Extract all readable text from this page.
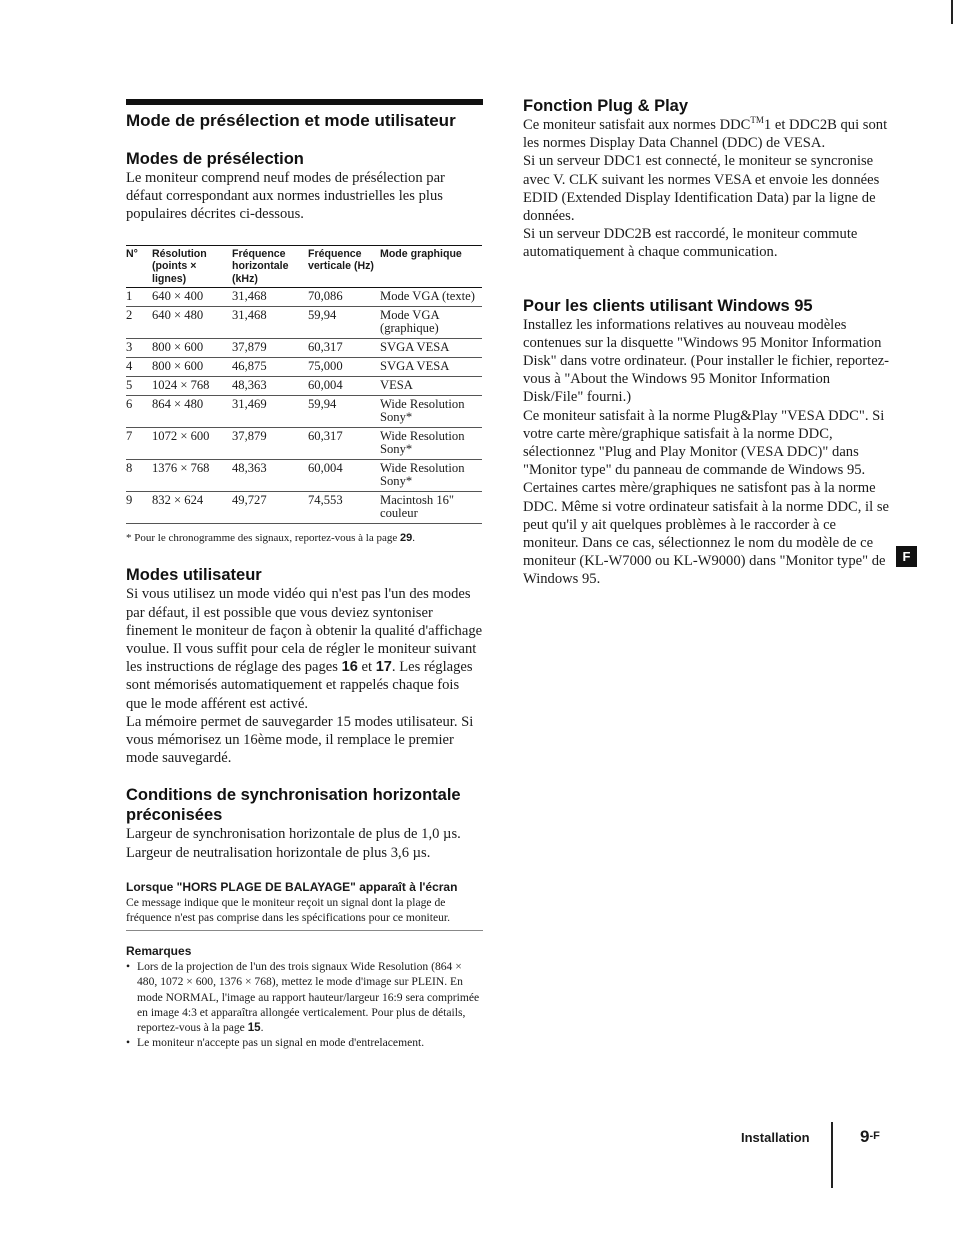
Mode de présélection et mode utilisateur
Modes de présélection

Le moniteur comprend neuf modes de présélection par défaut correspondant aux normes industrielles les plus populaires décrites ci-dessous.

N°	Résolution (points × lignes)	Fréquence horizontale (kHz)	Fréquence verticale (Hz)	Mode graphique
1	640 × 400	31,468	70,086	Mode VGA (texte)
2	640 × 480	31,468	59,94	Mode VGA (graphique)
3	800 × 600	37,879	60,317	SVGA VESA
4	800 × 600	46,875	75,000	SVGA VESA
5	1024 × 768	48,363	60,004	VESA
6	864 × 480	31,469	59,94	Wide Resolution Sony*
7	1072 × 600	37,879	60,317	Wide Resolution Sony*
8	1376 × 768	48,363	60,004	Wide Resolution Sony*
9	832 × 624	49,727	74,553	Macintosh 16" couleur
* Pour le chronogramme des signaux, reportez-vous à la page 29.
Modes utilisateur

Si vous utilisez un mode vidéo qui n'est pas l'un des modes par défaut, il est possible que vous deviez syntoniser finement le moniteur de façon à obtenir la qualité d'affichage voulue. Il vous suffit pour cela de régler le moniteur suivant les instructions de réglage des pages 16 et 17. Les réglages sont mémorisés automatiquement et rappelés chaque fois que le mode afférent est activé.

La mémoire permet de sauvegarder 15 modes utilisateur. Si vous mémorisez un 16ème mode, il remplace le premier mode sauvegardé.

Conditions de synchronisation horizontale préconisées

Largeur de synchronisation horizontale de plus de 1,0 µs.

Largeur de neutralisation horizontale de plus 3,6 µs.

Lorsque "HORS PLAGE DE BALAYAGE" apparaît à l'écran

Ce message indique que le moniteur reçoit un signal dont la plage de fréquence n'est pas comprise dans les spécifications pour ce moniteur.

Remarques
• Lors de la projection de l'un des trois signaux Wide Resolution (864 × 480, 1072 × 600, 1376 × 768), mettez le mode d'image sur PLEIN. En mode NORMAL, l'image au rapport hauteur/largeur 16:9 sera comprimée en image 4:3 et apparaîtra allongée verticalement. Pour plus de détails, reportez-vous à la page 15.
• Le moniteur n'accepte pas un signal en mode d'entrelacement.
Fonction Plug & Play

Ce moniteur satisfait aux normes DDC™1 et DDC2B qui sont les normes Display Data Channel (DDC) de VESA.

Si un serveur DDC1 est connecté, le moniteur se syncronise avec V. CLK suivant les normes VESA et envoie les données EDID (Extended Display Identification Data) par la ligne de données.

Si un serveur DDC2B est raccordé, le moniteur commute automatiquement à chaque communication.

Pour les clients utilisant Windows 95

Installez les informations relatives au nouveau modèles contenues sur la disquette "Windows 95 Monitor Information Disk" dans votre ordinateur. (Pour installer le fichier, reportez-vous à "About the Windows 95 Monitor Information Disk/File" fourni.)

Ce moniteur satisfait à la norme Plug&Play "VESA DDC". Si votre carte mère/graphique satisfait à la norme DDC, sélectionnez "Plug and Play Monitor (VESA DDC)" dans "Monitor type" du panneau de commande de Windows 95. Certaines cartes mère/graphiques ne satisfont pas à la norme DDC. Même si votre ordinateur satisfait à la norme DDC, il se peut qu'il y ait quelques problèmes à le raccorder à ce moniteur. Dans ce cas, sélectionnez le nom du modèle de ce moniteur (KL-W7000 ou KL-W9000) dans "Monitor type" de Windows 95.

F
Installation	9-F
